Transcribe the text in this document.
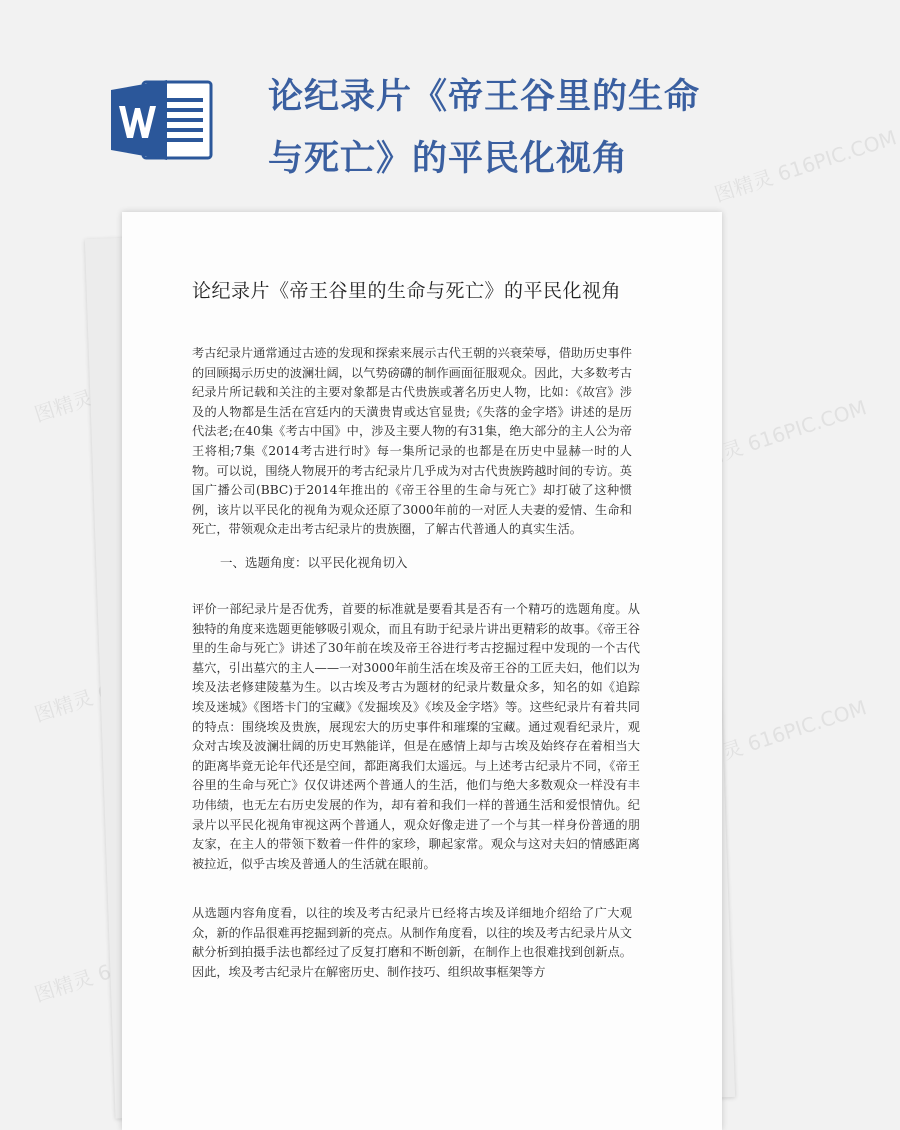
论纪录片《帝王谷里的生命与死亡》的平民化视角	图精灵 616PIC.COM
图精灵	图精灵 616PIC.COM
图精灵	图精灵 616PIC.COM
图精灵
论纪录片《帝王谷里的生命与死亡》的平民化视角

考古纪录片通常通过古迹的发现和探索来展示古代王朝的兴衰荣辱，借助历史事件的回顾揭示历史的波澜壮阔，以气势磅礴的制作画面征服观众。因此，大多数考古纪录片所记载和关注的主要对象都是古代贵族或著名历史人物，比如：《故宫》涉及的人物都是生活在宫廷内的天潢贵胄或达官显贵;《失落的金字塔》讲述的是历代法老;在40集《考古中国》中，涉及主要人物的有31集，绝大部分的主人公为帝王将相;7集《2014考古进行时》每一集所记录的也都是在历史中显赫一时的人物。可以说，围绕人物展开的考古纪录片几乎成为对古代贵族跨越时间的专访。英国广播公司(BBC)于2014年推出的《帝王谷里的生命与死亡》却打破了这种惯例，该片以平民化的视角为观众还原了3000年前的一对匠人夫妻的爱情、生命和死亡，带领观众走出考古纪录片的贵族圈，了解古代普通人的真实生活。

一、选题角度：以平民化视角切入

评价一部纪录片是否优秀，首要的标准就是要看其是否有一个精巧的选题角度。从独特的角度来选题更能够吸引观众，而且有助于纪录片讲出更精彩的故事。《帝王谷里的生命与死亡》讲述了30年前在埃及帝王谷进行考古挖掘过程中发现的一个古代墓穴，引出墓穴的主人——一对3000年前生活在埃及帝王谷的工匠夫妇，他们以为埃及法老修建陵墓为生。以古埃及考古为题材的纪录片数量众多，知名的如《追踪埃及迷城》《图塔卡门的宝藏》《发掘埃及》《埃及金字塔》等。这些纪录片有着共同的特点：围绕埃及贵族，展现宏大的历史事件和璀璨的宝藏。通过观看纪录片，观众对古埃及波澜壮阔的历史耳熟能详，但是在感情上却与古埃及始终存在着相当大的距离毕竟无论年代还是空间，都距离我们太遥远。与上述考古纪录片不同，《帝王谷里的生命与死亡》仅仅讲述两个普通人的生活，他们与绝大多数观众一样没有丰功伟绩，也无左右历史发展的作为，却有着和我们一样的普通生活和爱恨情仇。纪录片以平民化视角审视这两个普通人，观众好像走进了一个与其一样身份普通的朋友家，在主人的带领下数着一件件的家珍，聊起家常。观众与这对夫妇的情感距离被拉近，似乎古埃及普通人的生活就在眼前。

从选题内容角度看，以往的埃及考古纪录片已经将古埃及详细地介绍给了广大观众，新的作品很难再挖掘到新的亮点。从制作角度看，以往的埃及考古纪录片从文献分析到拍摄手法也都经过了反复打磨和不断创新，在制作上也很难找到创新点。因此，埃及考古纪录片在解密历史、制作技巧、组织故事框架等方
